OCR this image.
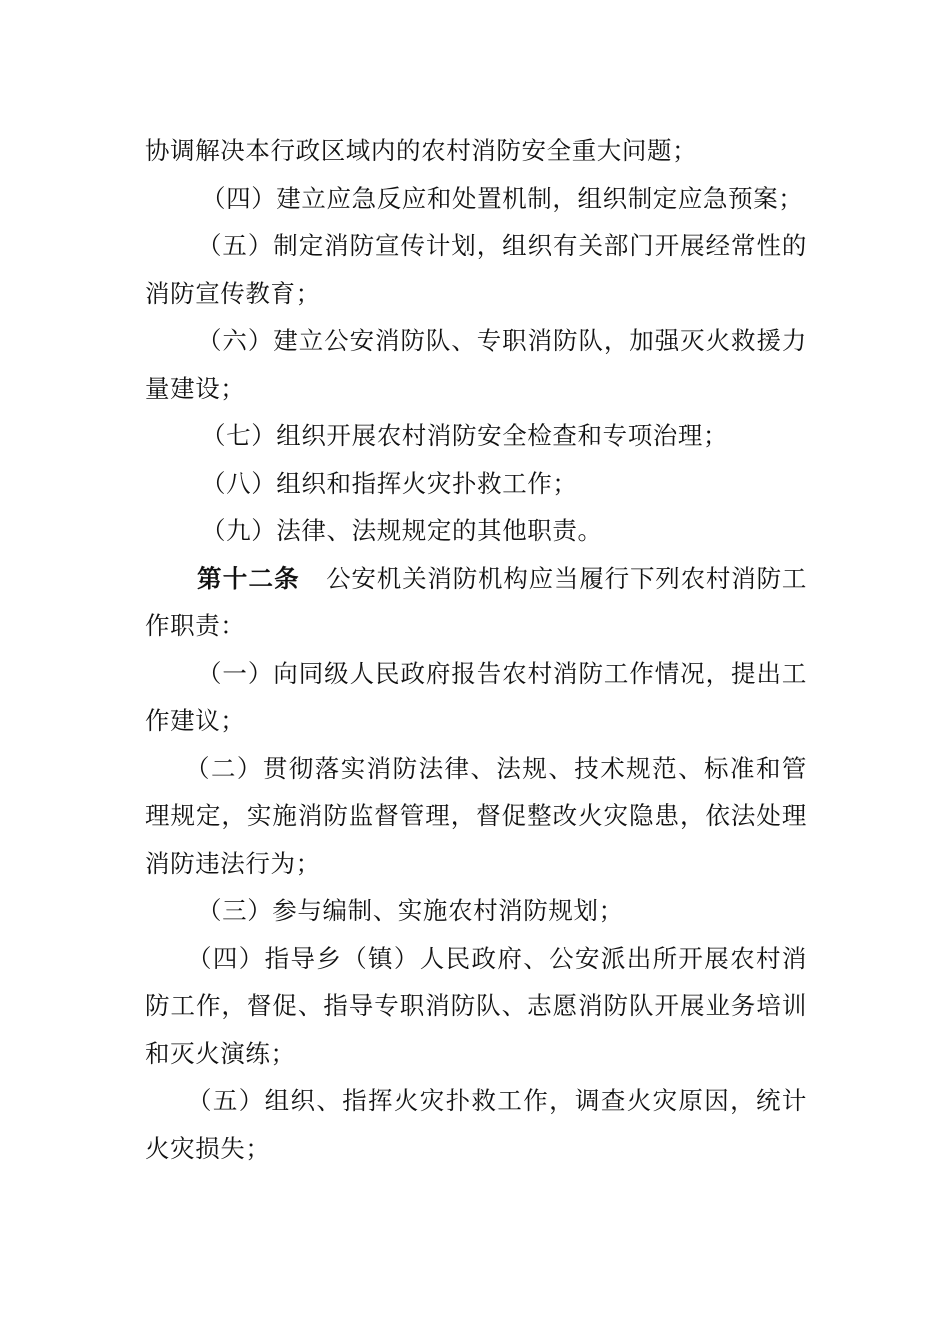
协调解决本行政区域内的农村消防安全重大问题；

（四）建立应急反应和处置机制，组织制定应急预案；

（五）制定消防宣传计划，组织有关部门开展经常性的消防宣传教育；

（六）建立公安消防队、专职消防队，加强灭火救援力量建设；

（七）组织开展农村消防安全检查和专项治理；

（八）组织和指挥火灾扑救工作；

（九）法律、法规规定的其他职责。

第十二条 公安机关消防机构应当履行下列农村消防工作职责：

（一）向同级人民政府报告农村消防工作情况，提出工作建议；

（二）贯彻落实消防法律、法规、技术规范、标准和管理规定，实施消防监督管理，督促整改火灾隐患，依法处理消防违法行为；

（三）参与编制、实施农村消防规划；

（四）指导乡（镇）人民政府、公安派出所开展农村消防工作，督促、指导专职消防队、志愿消防队开展业务培训和灭火演练；

（五）组织、指挥火灾扑救工作，调查火灾原因，统计火灾损失；
